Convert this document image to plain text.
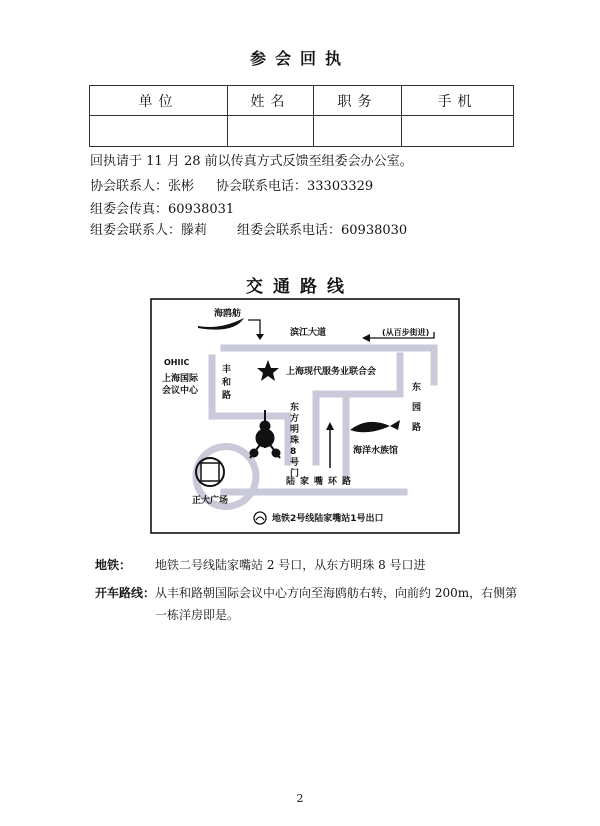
参会回执
单位	姓名	职务	手机

回执请于 11 月 28 前以传真方式反馈至组委会办公室。
协会联系人：张彬 协会联系电话：33303329
组委会传真：60938031
组委会联系人：滕莉 组委会联系电话：60938030
交通路线
正大广场
OHIIC
上海国际
会议中心
海鸥舫
滨江大道	(从百步街进)
上海现代服务业联合会
丰
和
路
东
方
明
珠
8
号
门
东
园
路
海洋水族馆
陆家嘴环路
地铁2号线陆家嘴站1号出口
地铁： 地铁二号线陆家嘴站 2 号口，从东方明珠 8 号口进
开车路线：从丰和路朝国际会议中心方向至海鸥舫右转，向前约 200m，右侧第
一栋洋房即是。
2
